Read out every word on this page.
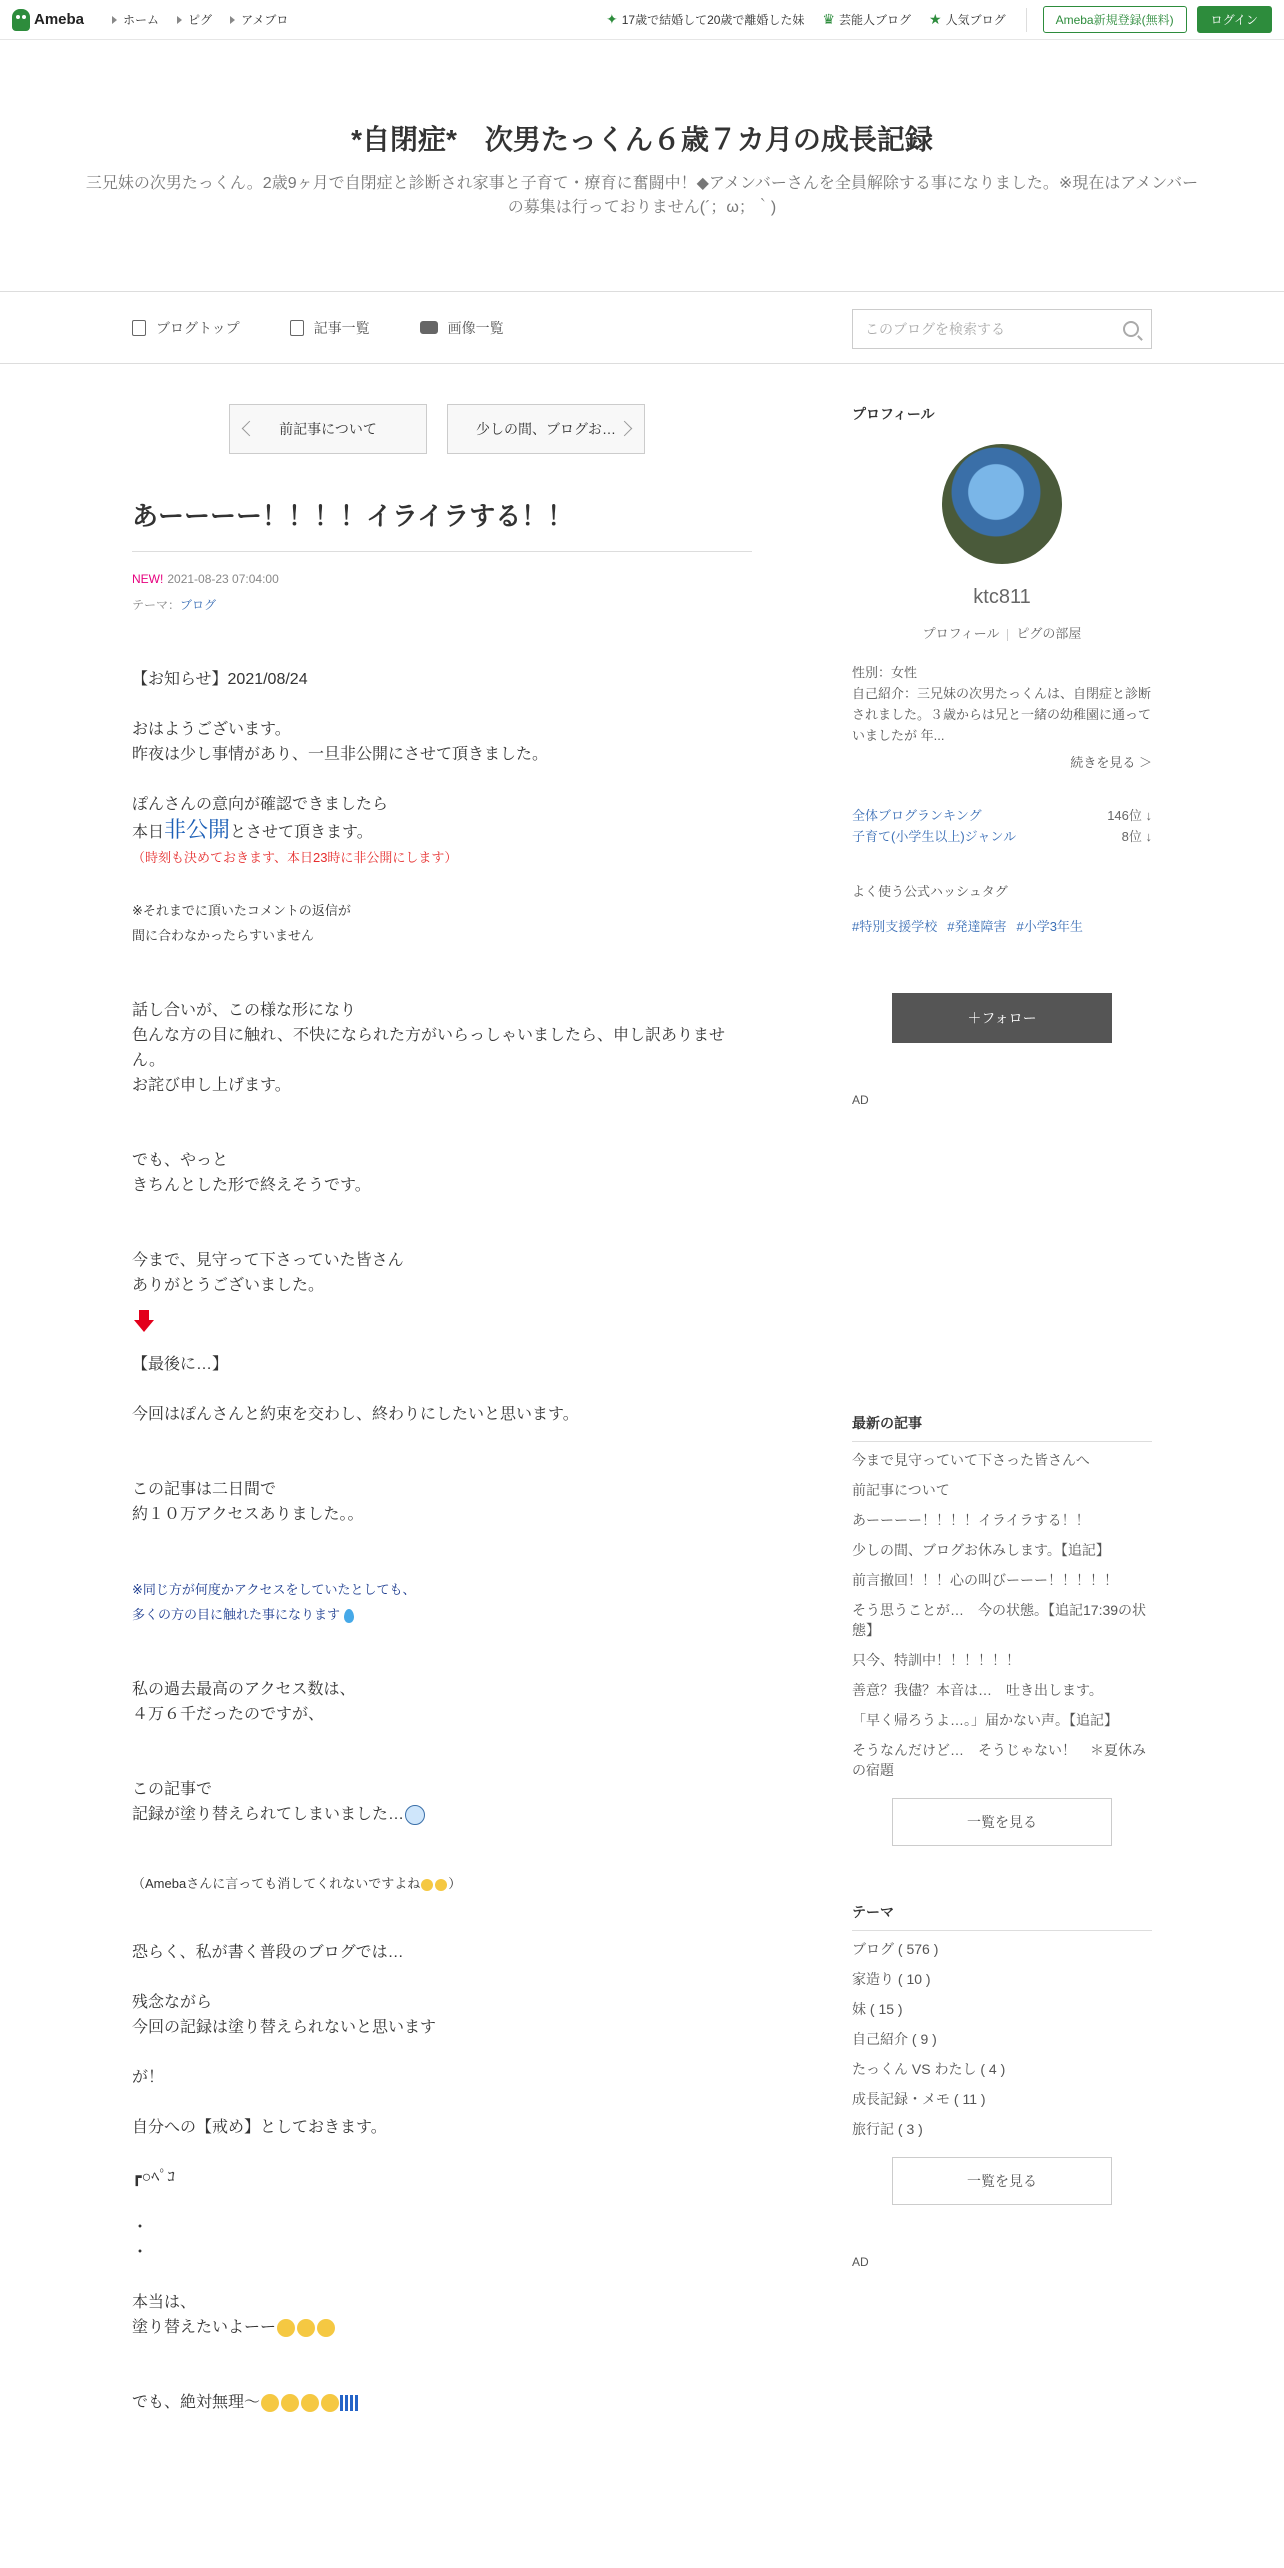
Ameba	ホーム ピグ アメブロ	✦ 17歳で結婚して20歳で離婚した妹 ♛ 芸能人ブログ ★ 人気ブログ	Ameba新規登録(無料)	ログイン
*自閉症*　次男たっくん６歳７カ月の成長記録
三兄妹の次男たっくん。2歳9ヶ月で自閉症と診断され家事と子育て・療育に奮闘中！◆アメンバーさんを全員解除する事になりました。※現在はアメンバーの募集は行っておりません(´；ω；｀)
ブログトップ	記事一覧	画像一覧	このブログを検索する
前記事について	少しの間、ブログお…
あーーーー！！！！イライラする！！
NEW! 2021-08-23 07:04:00
テーマ：ブログ

【お知らせ】2021/08/24

おはようございます。

昨夜は少し事情があり、一旦非公開にさせて頂きました。

ぽんさんの意向が確認できましたら

本日非公開とさせて頂きます。

（時刻も決めておきます、本日23時に非公開にします）

※それまでに頂いたコメントの返信が

間に合わなかったらすいません

話し合いが、この様な形になり

色んな方の目に触れ、不快になられた方がいらっしゃいましたら、申し訳ありません。

お詫び申し上げます。

でも、やっと

きちんとした形で終えそうです。

今まで、見守って下さっていた皆さん

ありがとうございました。

【最後に…】

今回はぽんさんと約束を交わし、終わりにしたいと思います。

この記事は二日間で

約１０万アクセスありました。。

※同じ方が何度かアクセスをしていたとしても、

多くの方の目に触れた事になります

私の過去最高のアクセス数は、

４万６千だったのですが、

この記事で

記録が塗り替えられてしまいました…

（Amebaさんに言っても消してくれないですよね ）

恐らく、私が書く普段のブログでは…

残念ながら

今回の記録は塗り替えられないと思います

が！

自分への【戒め】としておきます。

┏○ﾍﾟｺ

・

・

本当は、

塗り替えたいよーー

でも、絶対無理〜

プロフィール
ktc811
プロフィール ピグの部屋
性別：女性
自己紹介：三兄妹の次男たっくんは、自閉症と診断されました。３歳からは兄と一緒の幼稚園に通っていましたが 年...
続きを見る ＞
全体ブログランキング	146位 ↓
子育て(小学生以上)ジャンル	8位 ↓
よく使う公式ハッシュタグ
#特別支援学校 #発達障害 #小学3年生
＋フォロー
AD
最新の記事
今まで見守っていて下さった皆さんへ
前記事について
あーーーー！！！！イライラする！！
少しの間、ブログお休みします。【追記】
前言撤回！！！心の叫びーーー！！！！！
そう思うことが…　今の状態。【追記17:39の状態】
只今、特訓中！！！！！！
善意？我儘？本音は…　吐き出します。
「早く帰ろうよ…。」届かない声。【追記】
そうなんだけど…　そうじゃない！　＊夏休みの宿題
一覧を見る
テーマ
ブログ ( 576 )
家造り ( 10 )
妹 ( 15 )
自己紹介 ( 9 )
たっくん VS わたし ( 4 )
成長記録・メモ ( 11 )
旅行記 ( 3 )
一覧を見る
AD
